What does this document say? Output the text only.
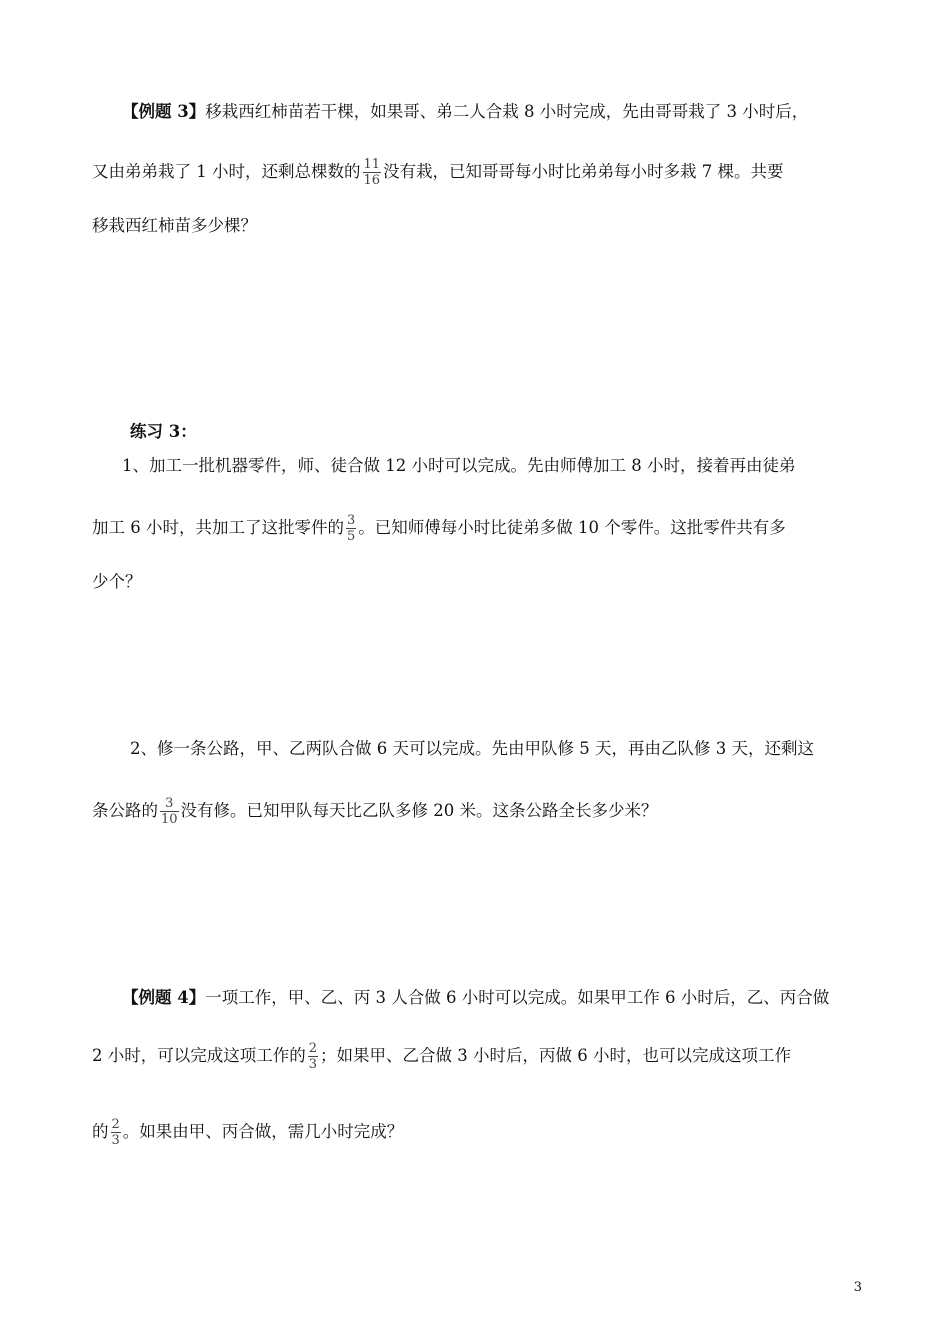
【例题 3】移栽西红柿苗若干棵，如果哥、弟二人合栽 8 小时完成，先由哥哥栽了 3 小时后，
又由弟弟栽了 1 小时，还剩总棵数的 $\frac{11}{16}$ 没有栽，已知哥哥每小时比弟弟每小时多栽 7 棵。共要
移栽西红柿苗多少棵？
练习 3：
1、加工一批机器零件，师、徒合做 12 小时可以完成。先由师傅加工 8 小时，接着再由徒弟
加工 6 小时，共加工了这批零件的 $\frac{3}{5}$ 。已知师傅每小时比徒弟多做 10 个零件。这批零件共有多
少个？
2、修一条公路，甲、乙两队合做 6 天可以完成。先由甲队修 5 天，再由乙队修 3 天，还剩这
条公路的 $\frac{3}{10}$ 没有修。已知甲队每天比乙队多修 20 米。这条公路全长多少米？
【例题 4】一项工作，甲、乙、丙 3 人合做 6 小时可以完成。如果甲工作 6 小时后，乙、丙合做
2 小时，可以完成这项工作的 $\frac{2}{3}$ ；如果甲、乙合做 3 小时后，丙做 6 小时，也可以完成这项工作
的 $\frac{2}{3}$ 。如果由甲、丙合做，需几小时完成？
3
